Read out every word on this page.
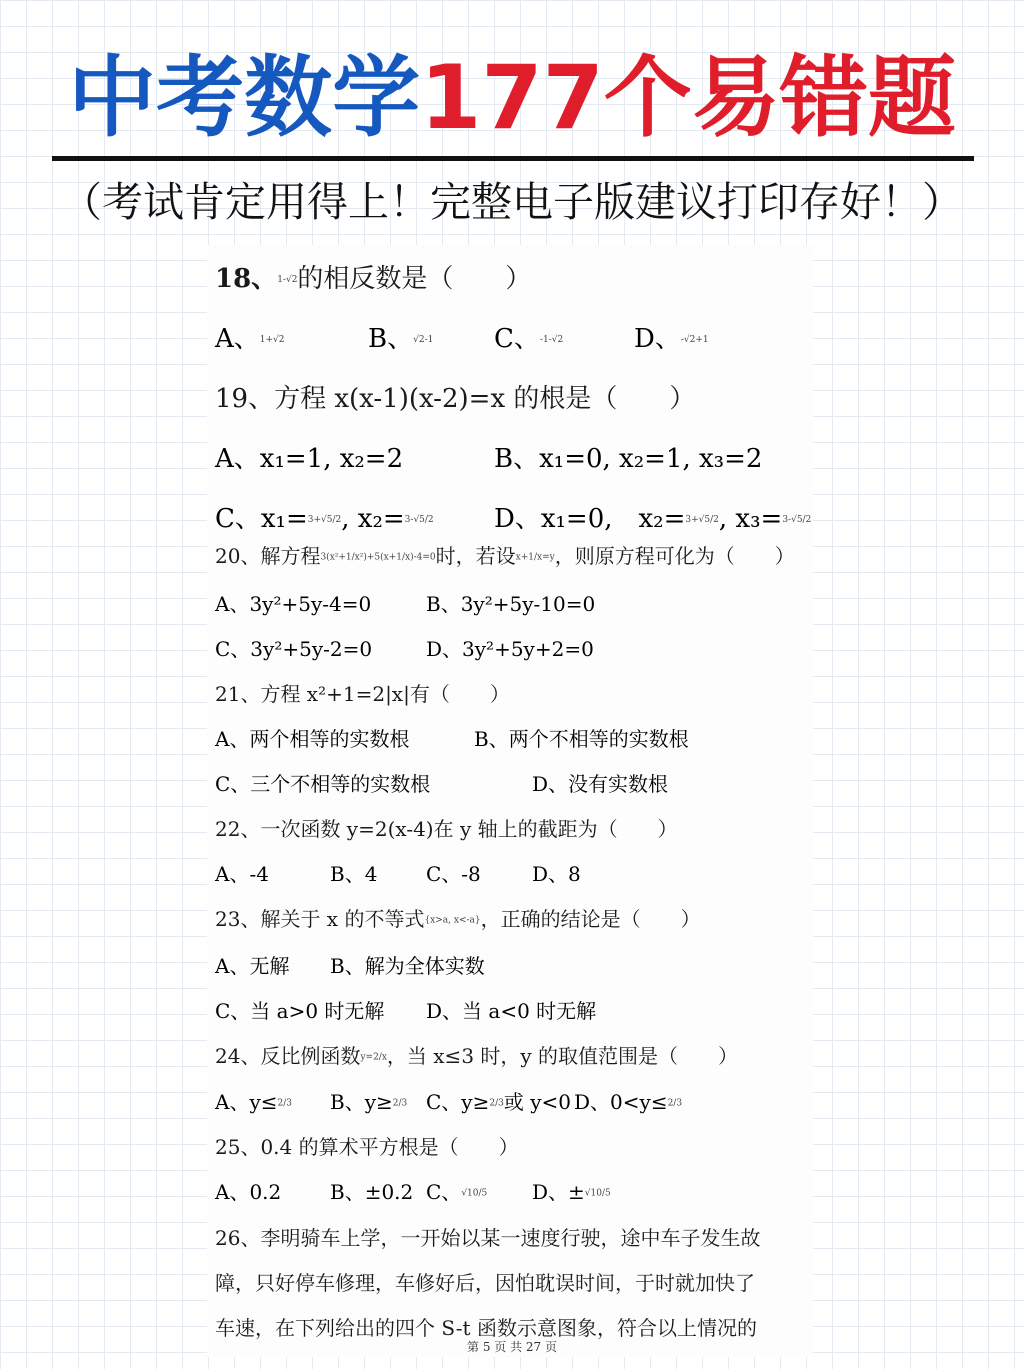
中考数学177个易错题
（考试肯定用得上！完整电子版建议打印存好！）
18、1-√2的相反数是（　　）
A、1+√2	B、√2-1 C、-1-√2	D、-√2+1
19、方程 x(x-1)(x-2)=x 的根是（　　）
A、x₁=1, x₂=2	B、x₁=0, x₂=1, x₃=2
C、x₁=3+√5/2, x₂=3-√5/2 D、x₁=0,　x₂=3+√5/2, x₃=3-√5/2
20、解方程3(x²+1/x²)+5(x+1/x)-4=0时，若设x+1/x=y，则原方程可化为（　　）
A、3y²+5y-4=0	B、3y²+5y-10=0
C、3y²+5y-2=0	D、3y²+5y+2=0
21、方程 x²+1=2|x|有（　　）
A、两个相等的实数根	B、两个不相等的实数根
C、三个不相等的实数根	D、没有实数根
22、一次函数 y=2(x-4)在 y 轴上的截距为（　　）
A、-4	B、4 C、-8	D、8
23、解关于 x 的不等式{x>a, x<-a}，正确的结论是（　　）
A、无解 B、解为全体实数
C、当 a>0 时无解 D、当 a<0 时无解
24、反比例函数y=2/x，当 x≤3 时，y 的取值范围是（　　）
A、y≤2/3 B、y≥2/3 C、y≥2/3或 y<0 D、0<y≤2/3
25、0.4 的算术平方根是（　　）
A、0.2 B、±0.2 C、√10/5 D、±√10/5
26、李明骑车上学，一开始以某一速度行驶，途中车子发生故
障，只好停车修理，车修好后，因怕耽误时间，于时就加快了
车速，在下列给出的四个 S-t 函数示意图象，符合以上情况的
第 5 页 共 27 页
